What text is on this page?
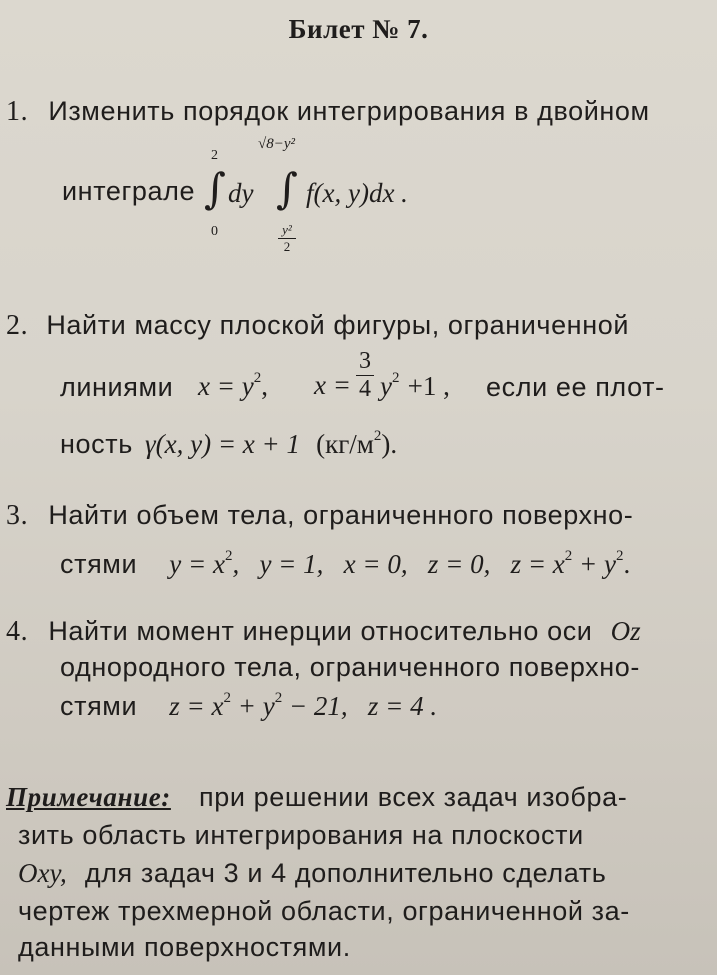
Билет № 7.
1. Изменить порядок интегрирования в двойном
интеграле
2
∫
0
dy
√8−y²
∫
$\frac{\text{y²}}{2}$
f(x, y)dx .
2. Найти массу плоской фигуры, ограниченной
линиями $x = y^2$, $x = \frac{3}{4} y^2 +1$ , если ее плот-
ность γ(x, y) = x + 1 $(кг/м^2)$.
3. Найти объем тела, ограниченного поверхно-
стями $y = x^2$,   y = 1,   x = 0,   z = 0,   $z = x^2 + y^2$.
4. Найти момент инерции относительно оси Oz
однородного тела, ограниченного поверхно-
стями $z = x^2 + y^2 - 21$,   z = 4 .
Примечание: при решении всех задач изобра-
зить область интегрирования на плоскости
Oxy, для задач 3 и 4 дополнительно сделать
чертеж трехмерной области, ограниченной за-
данными поверхностями.
